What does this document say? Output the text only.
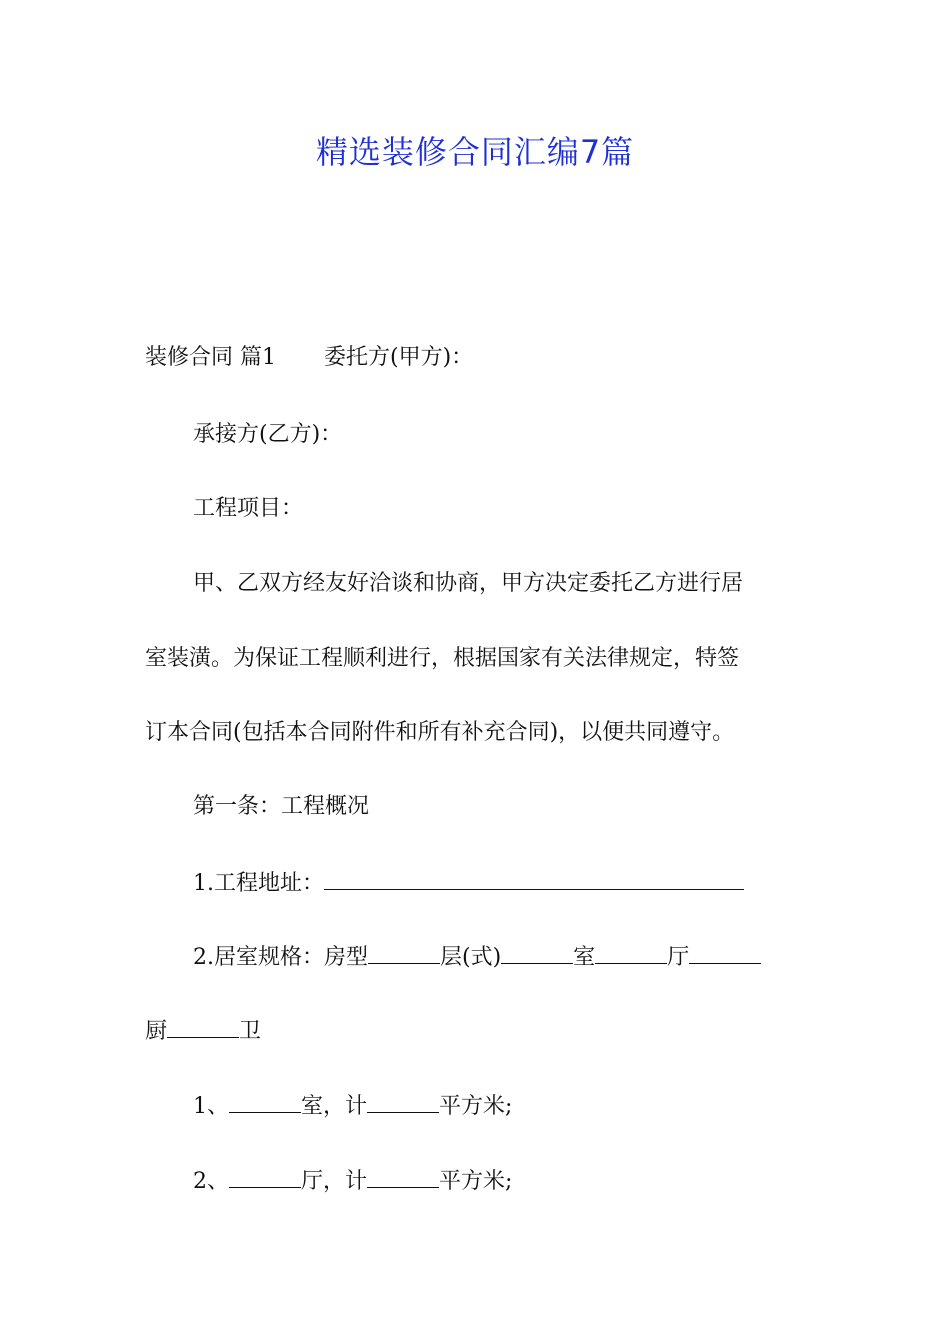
精选装修合同汇编7篇
装修合同 篇1 委托方(甲方)：
承接方(乙方)：
工程项目：
甲、乙双方经友好洽谈和协商，甲方决定委托乙方进行居
室装潢。为保证工程顺利进行，根据国家有关法律规定，特签
订本合同(包括本合同附件和所有补充合同)，以便共同遵守。
第一条：工程概况
1.工程地址：
2.居室规格：房型	层(式)	室	厅
厨	卫
1、	室，计	平方米;
2、	厅，计	平方米;
